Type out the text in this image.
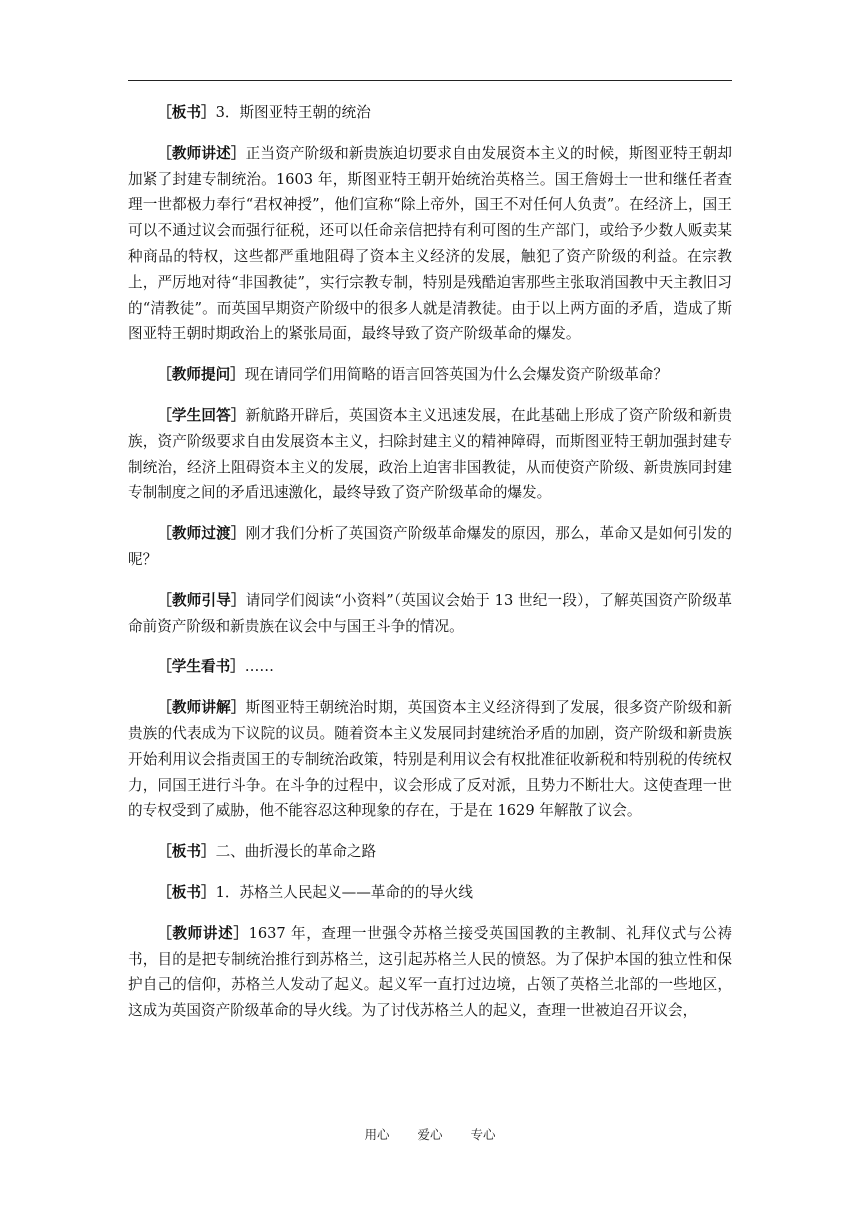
［板书］3．斯图亚特王朝的统治

［教师讲述］正当资产阶级和新贵族迫切要求自由发展资本主义的时候，斯图亚特王朝却加紧了封建专制统治。1603 年，斯图亚特王朝开始统治英格兰。国王詹姆士一世和继任者查理一世都极力奉行“君权神授”，他们宣称“除上帝外，国王不对任何人负责”。在经济上，国王可以不通过议会而强行征税，还可以任命亲信把持有利可图的生产部门，或给予少数人贩卖某种商品的特权，这些都严重地阻碍了资本主义经济的发展，触犯了资产阶级的利益。在宗教上，严厉地对待“非国教徒”，实行宗教专制，特别是残酷迫害那些主张取消国教中天主教旧习的“清教徒”。而英国早期资产阶级中的很多人就是清教徒。由于以上两方面的矛盾，造成了斯图亚特王朝时期政治上的紧张局面，最终导致了资产阶级革命的爆发。

［教师提问］现在请同学们用简略的语言回答英国为什么会爆发资产阶级革命？

［学生回答］新航路开辟后，英国资本主义迅速发展，在此基础上形成了资产阶级和新贵族，资产阶级要求自由发展资本主义，扫除封建主义的精神障碍，而斯图亚特王朝加强封建专制统治，经济上阻碍资本主义的发展，政治上迫害非国教徒，从而使资产阶级、新贵族同封建专制制度之间的矛盾迅速激化，最终导致了资产阶级革命的爆发。

［教师过渡］刚才我们分析了英国资产阶级革命爆发的原因，那么，革命又是如何引发的呢？

［教师引导］请同学们阅读“小资料”（英国议会始于 13 世纪一段），了解英国资产阶级革命前资产阶级和新贵族在议会中与国王斗争的情况。

［学生看书］……

［教师讲解］斯图亚特王朝统治时期，英国资本主义经济得到了发展，很多资产阶级和新贵族的代表成为下议院的议员。随着资本主义发展同封建统治矛盾的加剧，资产阶级和新贵族开始利用议会指责国王的专制统治政策，特别是利用议会有权批准征收新税和特别税的传统权力，同国王进行斗争。在斗争的过程中，议会形成了反对派，且势力不断壮大。这使查理一世的专权受到了威胁，他不能容忍这种现象的存在，于是在 1629 年解散了议会。

［板书］二、曲折漫长的革命之路

［板书］1．苏格兰人民起义——革命的的导火线

［教师讲述］1637 年，查理一世强令苏格兰接受英国国教的主教制、礼拜仪式与公祷书，目的是把专制统治推行到苏格兰，这引起苏格兰人民的愤怒。为了保护本国的独立性和保护自己的信仰，苏格兰人发动了起义。起义军一直打过边境，占领了英格兰北部的一些地区，这成为英国资产阶级革命的导火线。为了讨伐苏格兰人的起义，查理一世被迫召开议会，

用心 爱心 专心
